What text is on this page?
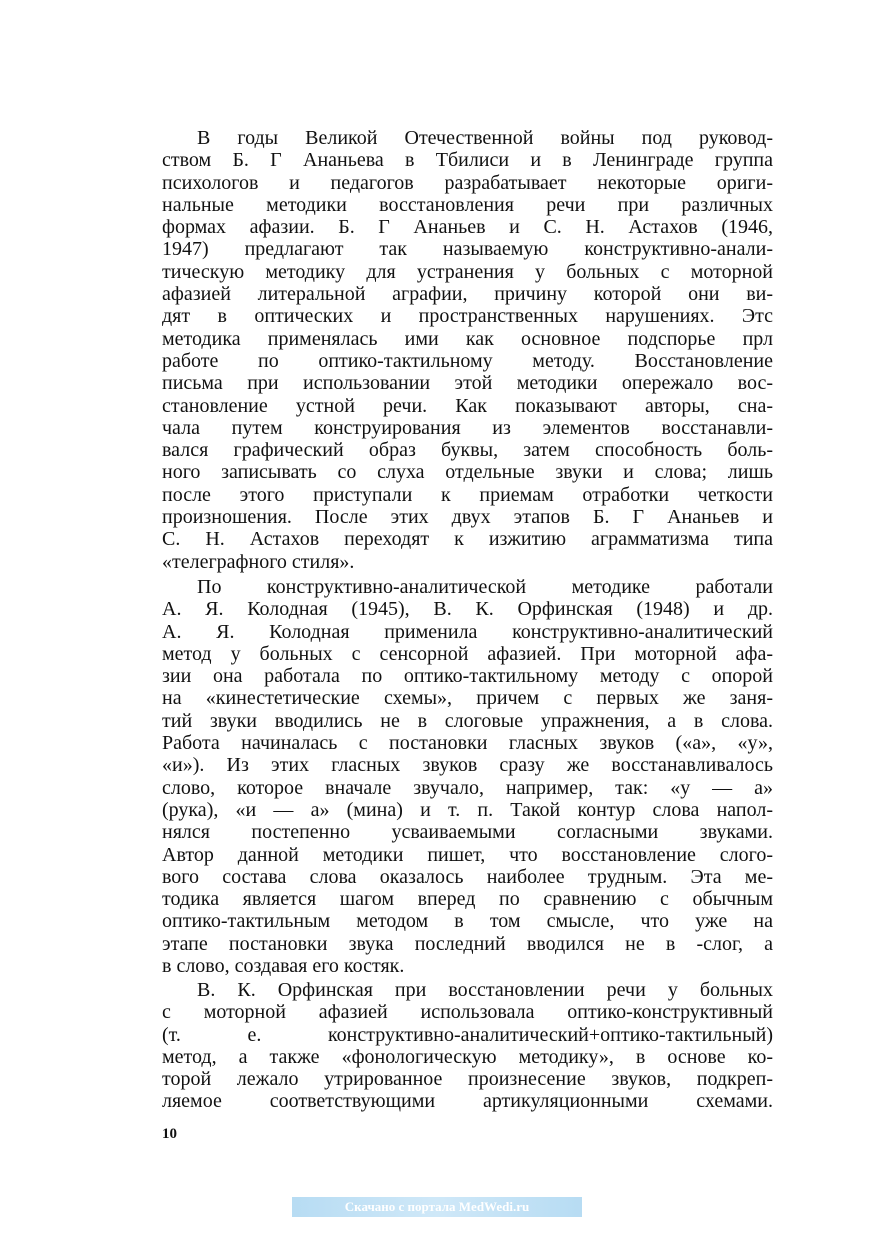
В годы Великой Отечественной войны под руковод-
ством Б. Г Ананьева в Тбилиси и в Ленинграде группа
психологов и педагогов разрабатывает некоторые ориги-
нальные методики восстановления речи при различных
формах афазии. Б. Г Ананьев и С. Н. Астахов (1946,
1947) предлагают так называемую конструктивно-анали-
тическую методику для устранения у больных с моторной
афазией литеральной аграфии, причину которой они ви-
дят в оптических и пространственных нарушениях. Этс
методика применялась ими как основное подспорье прл
работе по оптико-тактильному методу. Восстановление
письма при использовании этой методики опережало вос-
становление устной речи. Как показывают авторы, сна-
чала путем конструирования из элементов восстанавли-
вался графический образ буквы, затем способность боль-
ного записывать со слуха отдельные звуки и слова; лишь
после этого приступали к приемам отработки четкости
произношения. После этих двух этапов Б. Г Ананьев и
С. Н. Астахов переходят к изжитию аграмматизма типа
«телеграфного стиля».
По конструктивно-аналитической методике работали
А. Я. Колодная (1945), В. К. Орфинская (1948) и др.
А. Я. Колодная применила конструктивно-аналитический
метод у больных с сенсорной афазией. При моторной афа-
зии она работала по оптико-тактильному методу с опорой
на «кинестетические схемы», причем с первых же заня-
тий звуки вводились не в слоговые упражнения, а в слова.
Работа начиналась с постановки гласных звуков («а», «у»,
«и»). Из этих гласных звуков сразу же восстанавливалось
слово, которое вначале звучало, например, так: «у — а»
(рука), «и — а» (мина) и т. п. Такой контур слова напол-
нялся постепенно усваиваемыми согласными звуками.
Автор данной методики пишет, что восстановление слого-
вого состава слова оказалось наиболее трудным. Эта ме-
тодика является шагом вперед по сравнению с обычным
оптико-тактильным методом в том смысле, что уже на
этапе постановки звука последний вводился не в -слог, а
в слово, создавая его костяк.
В. К. Орфинская при восстановлении речи у больных
с моторной афазией использовала оптико-конструктивный
(т. е. конструктивно-аналитический+оптико-тактильный)
метод, а также «фонологическую методику», в основе ко-
торой лежало утрированное произнесение звуков, подкреп-
ляемое соответствующими артикуляционными схемами.
10
Скачано с портала MedWedi.ru
